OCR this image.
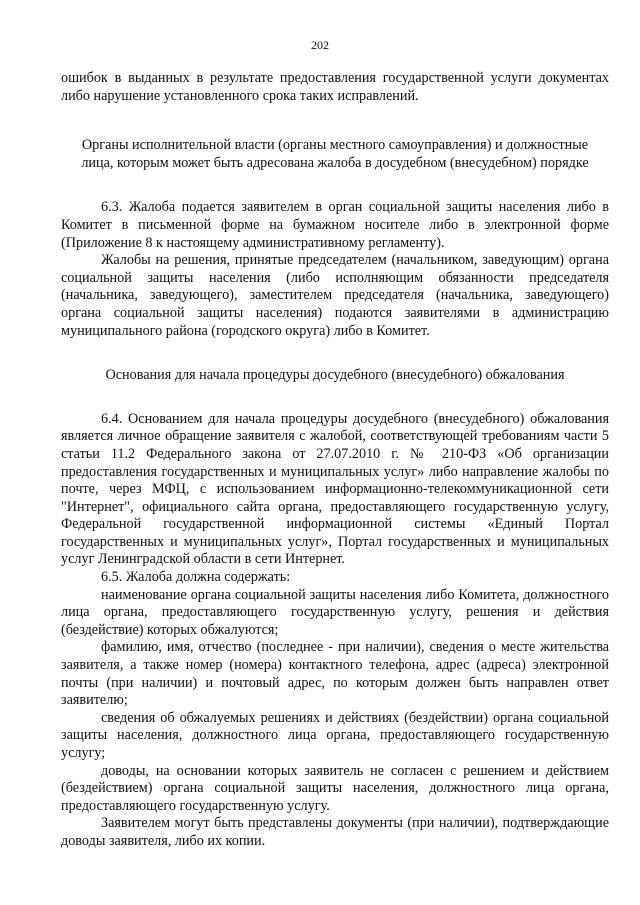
202

ошибок в выданных в результате предоставления государственной услуги документах либо нарушение установленного срока таких исправлений.

Органы исполнительной власти (органы местного самоуправления) и должностные лица, которым может быть адресована жалоба в досудебном (внесудебном) порядке

6.3. Жалоба подается заявителем в орган социальной защиты населения либо в Комитет в письменной форме на бумажном носителе либо в электронной форме (Приложение 8 к настоящему административному регламенту).

Жалобы на решения, принятые председателем (начальником, заведующим) органа социальной защиты населения (либо исполняющим обязанности председателя (начальника, заведующего), заместителем председателя (начальника, заведующего) органа социальной защиты населения) подаются заявителями в администрацию муниципального района (городского округа) либо в Комитет.

Основания для начала процедуры досудебного (внесудебного) обжалования

6.4. Основанием для начала процедуры досудебного (внесудебного) обжалования является личное обращение заявителя с жалобой, соответствующей требованиям части 5 статьи 11.2 Федерального закона от 27.07.2010 г. № 210-ФЗ «Об организации предоставления государственных и муниципальных услуг» либо направление жалобы по почте, через МФЦ, с использованием информационно-телекоммуникационной сети "Интернет", официального сайта органа, предоставляющего государственную услугу, Федеральной государственной информационной системы «Единый Портал государственных и муниципальных услуг», Портал государственных и муниципальных услуг Ленинградской области в сети Интернет.

6.5. Жалоба должна содержать:

наименование органа социальной защиты населения либо Комитета, должностного лица органа, предоставляющего государственную услугу, решения и действия (бездействие) которых обжалуются;

фамилию, имя, отчество (последнее - при наличии), сведения о месте жительства заявителя, а также номер (номера) контактного телефона, адрес (адреса) электронной почты (при наличии) и почтовый адрес, по которым должен быть направлен ответ заявителю;

сведения об обжалуемых решениях и действиях (бездействии) органа социальной защиты населения, должностного лица органа, предоставляющего государственную услугу;

доводы, на основании которых заявитель не согласен с решением и действием (бездействием) органа социальной защиты населения, должностного лица органа, предоставляющего государственную услугу.

Заявителем могут быть представлены документы (при наличии), подтверждающие доводы заявителя, либо их копии.
